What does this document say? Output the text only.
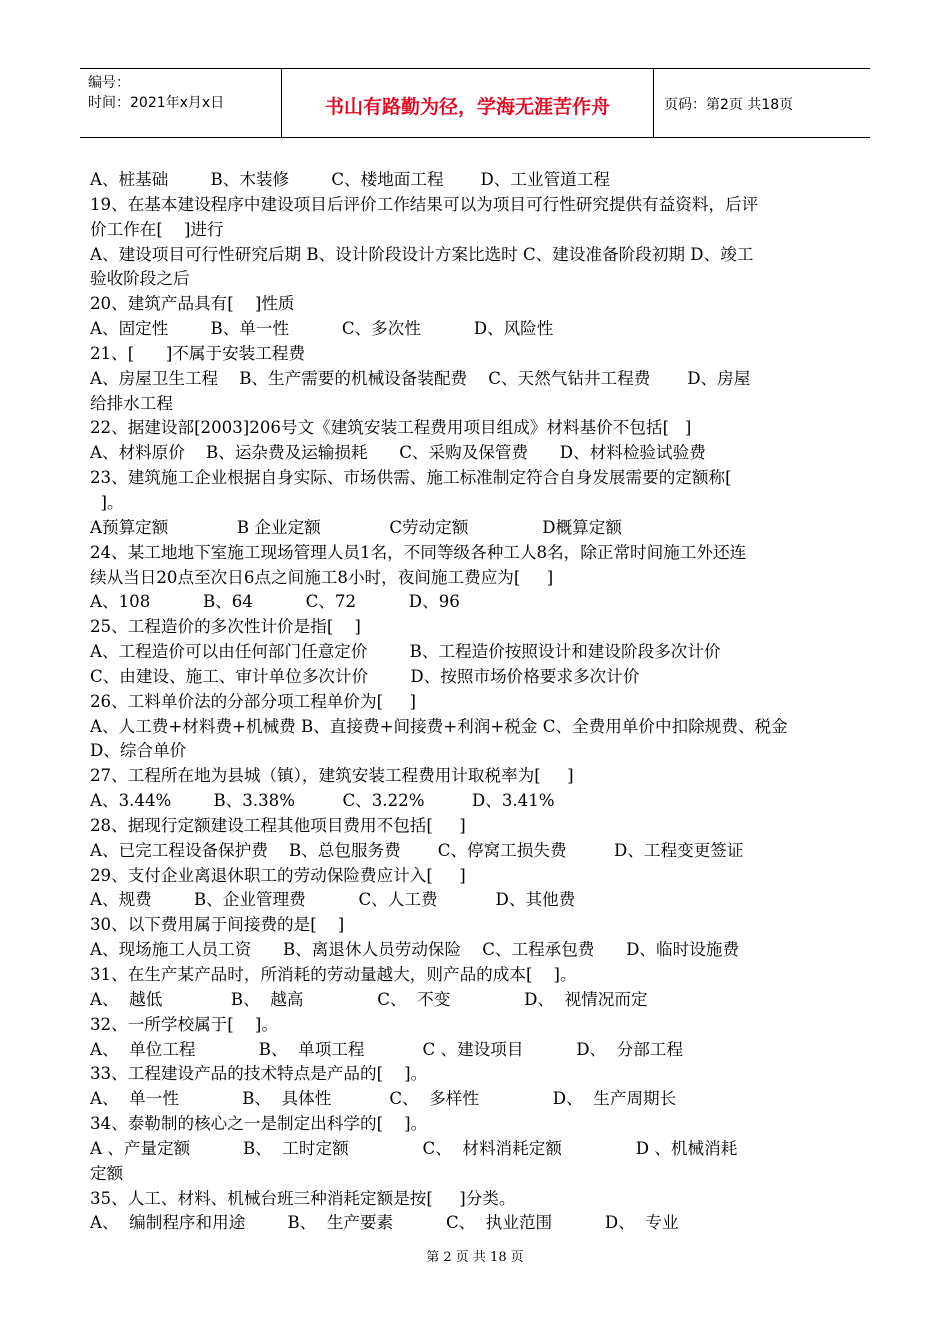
编号：
时间：2021年x月x日	书山有路勤为径，学海无涯苦作舟	页码：第2页 共18页
A、桩基础        B、木装修        C、楼地面工程       D、工业管道工程
19、在基本建设程序中建设项目后评价工作结果可以为项目可行性研究提供有益资料，后评
价工作在[    ]进行
A、建设项目可行性研究后期 B、设计阶段设计方案比选时 C、建设准备阶段初期 D、竣工
验收阶段之后
20、建筑产品具有[    ]性质
A、固定性        B、单一性          C、多次性          D、风险性
21、[      ]不属于安装工程费
A、房屋卫生工程    B、生产需要的机械设备装配费    C、天然气钻井工程费       D、房屋
给排水工程
22、据建设部[2003]206号文《建筑安装工程费用项目组成》材料基价不包括[   ]
A、材料原价    B、运杂费及运输损耗      C、采购及保管费      D、材料检验试验费
23、建筑施工企业根据自身实际、市场供需、施工标准制定符合自身发展需要的定额称[
]。
A预算定额             B 企业定额             C劳动定额              D概算定额
24、某工地地下室施工现场管理人员1名，不同等级各种工人8名，除正常时间施工外还连
续从当日20点至次日6点之间施工8小时，夜间施工费应为[     ]
A、108          B、64          C、72          D、96
25、工程造价的多次性计价是指[    ]
A、工程造价可以由任何部门任意定价        B、工程造价按照设计和建设阶段多次计价
C、由建设、施工、审计单位多次计价        D、按照市场价格要求多次计价
26、工料单价法的分部分项工程单价为[     ]
A、人工费+材料费+机械费 B、直接费+间接费+利润+税金 C、全费用单价中扣除规费、税金
D、综合单价
27、工程所在地为县城（镇），建筑安装工程费用计取税率为[     ]
A、3.44%        B、3.38%         C、3.22%         D、3.41%
28、据现行定额建设工程其他项目费用不包括[     ]
A、已完工程设备保护费    B、总包服务费       C、停窝工损失费         D、工程变更签证
29、支付企业离退休职工的劳动保险费应计入[     ]
A、规费        B、企业管理费          C、人工费           D、其他费
30、以下费用属于间接费的是[    ]
A、现场施工人员工资      B、离退休人员劳动保险    C、工程承包费      D、临时设施费
31、在生产某产品时，所消耗的劳动量越大，则产品的成本[    ]。
A、  越低             B、  越高              C、  不变              D、  视情况而定
32、一所学校属于[    ]。
A、  单位工程            B、  单项工程           C 、建设项目          D、  分部工程
33、工程建设产品的技术特点是产品的[    ]。
A、  单一性            B、  具体性           C、  多样性              D、  生产周期长
34、泰勒制的核心之一是制定出科学的[    ]。
A 、产量定额          B、  工时定额              C、  材料消耗定额              D 、机械消耗
定额
35、人工、材料、机械台班三种消耗定额是按[     ]分类。
A、  编制程序和用途        B、  生产要素          C、  执业范围          D、  专业
第 2 页 共 18 页
